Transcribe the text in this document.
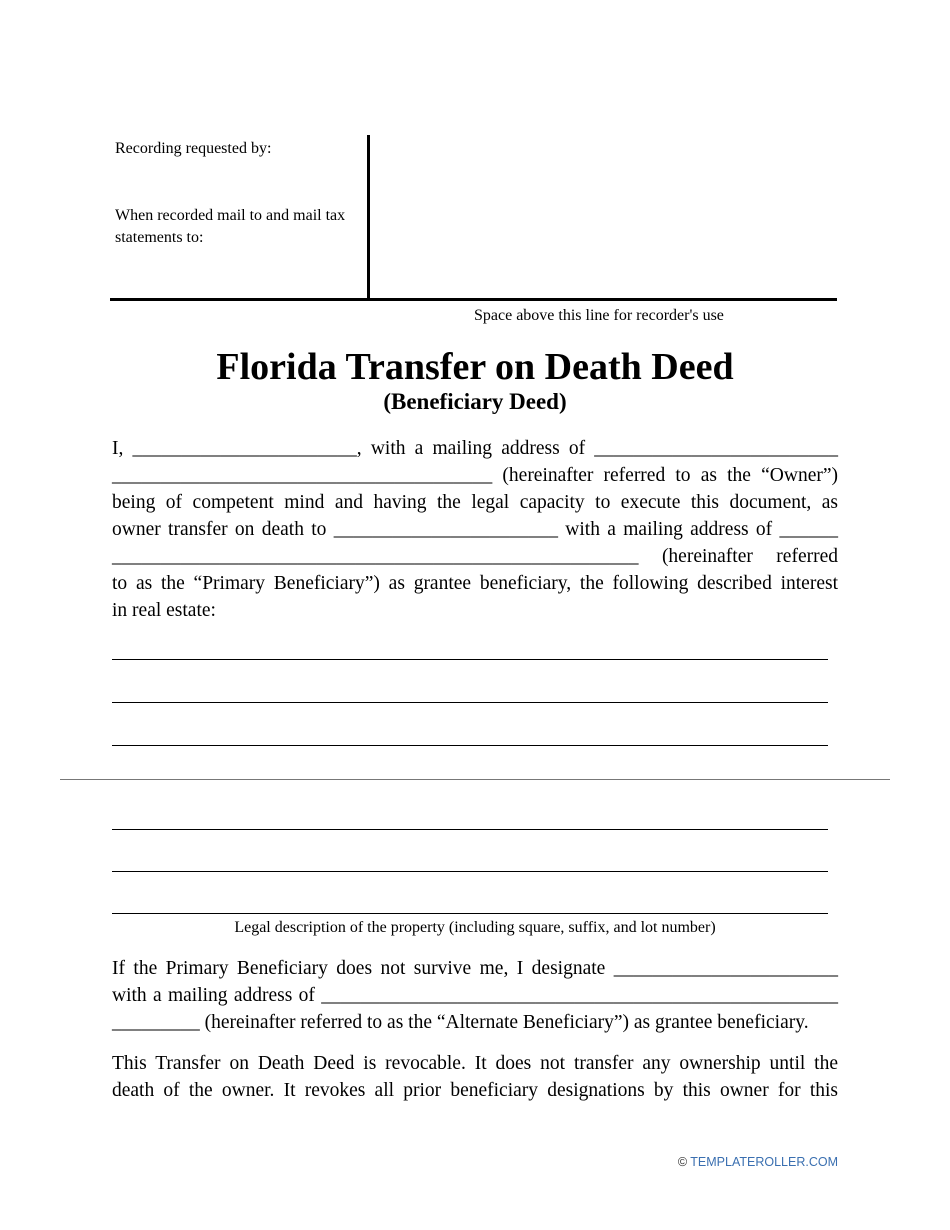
Recording requested by:
When recorded mail to and mail tax statements to:
Space above this line for recorder's use
Florida Transfer on Death Deed
(Beneficiary Deed)
I, _______________________, with a mailing address of _________________________
_______________________________________ (hereinafter referred to as the “Owner”)
being of competent mind and having the legal capacity to execute this document, as
owner transfer on death to _______________________ with a mailing address of ______
______________________________________________________ (hereinafter referred
to as the “Primary Beneficiary”) as grantee beneficiary, the following described interest
in real estate:
Legal description of the property (including square, suffix, and lot number)
If the Primary Beneficiary does not survive me, I designate _______________________
with a mailing address of _____________________________________________________
_________ (hereinafter referred to as the “Alternate Beneficiary”) as grantee beneficiary.
This Transfer on Death Deed is revocable. It does not transfer any ownership until the
death of the owner. It revokes all prior beneficiary designations by this owner for this
© TEMPLATEROLLER.COM
